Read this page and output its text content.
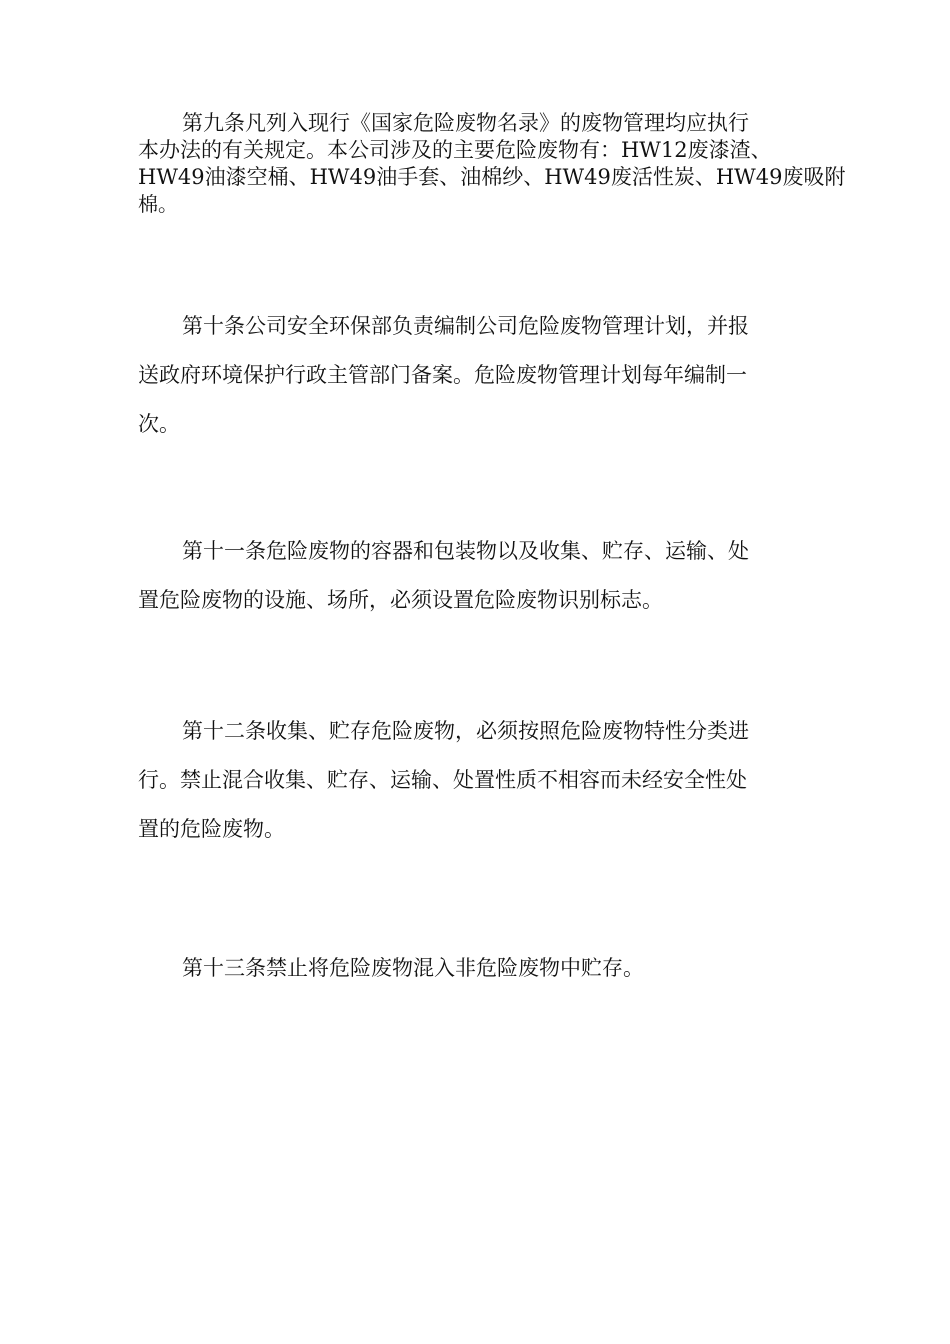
第九条凡列入现行《国家危险废物名录》的废物管理均应执行
本办法的有关规定。本公司涉及的主要危险废物有：HW12废漆渣、
HW49油漆空桶、HW49油手套、油棉纱、HW49废活性炭、HW49废吸附
棉。

第十条公司安全环保部负责编制公司危险废物管理计划，并报
送政府环境保护行政主管部门备案。危险废物管理计划每年编制一
次。

第十一条危险废物的容器和包装物以及收集、贮存、运输、处
置危险废物的设施、场所，必须设置危险废物识别标志。

第十二条收集、贮存危险废物，必须按照危险废物特性分类进
行。禁止混合收集、贮存、运输、处置性质不相容而未经安全性处
置的危险废物。

第十三条禁止将危险废物混入非危险废物中贮存。
